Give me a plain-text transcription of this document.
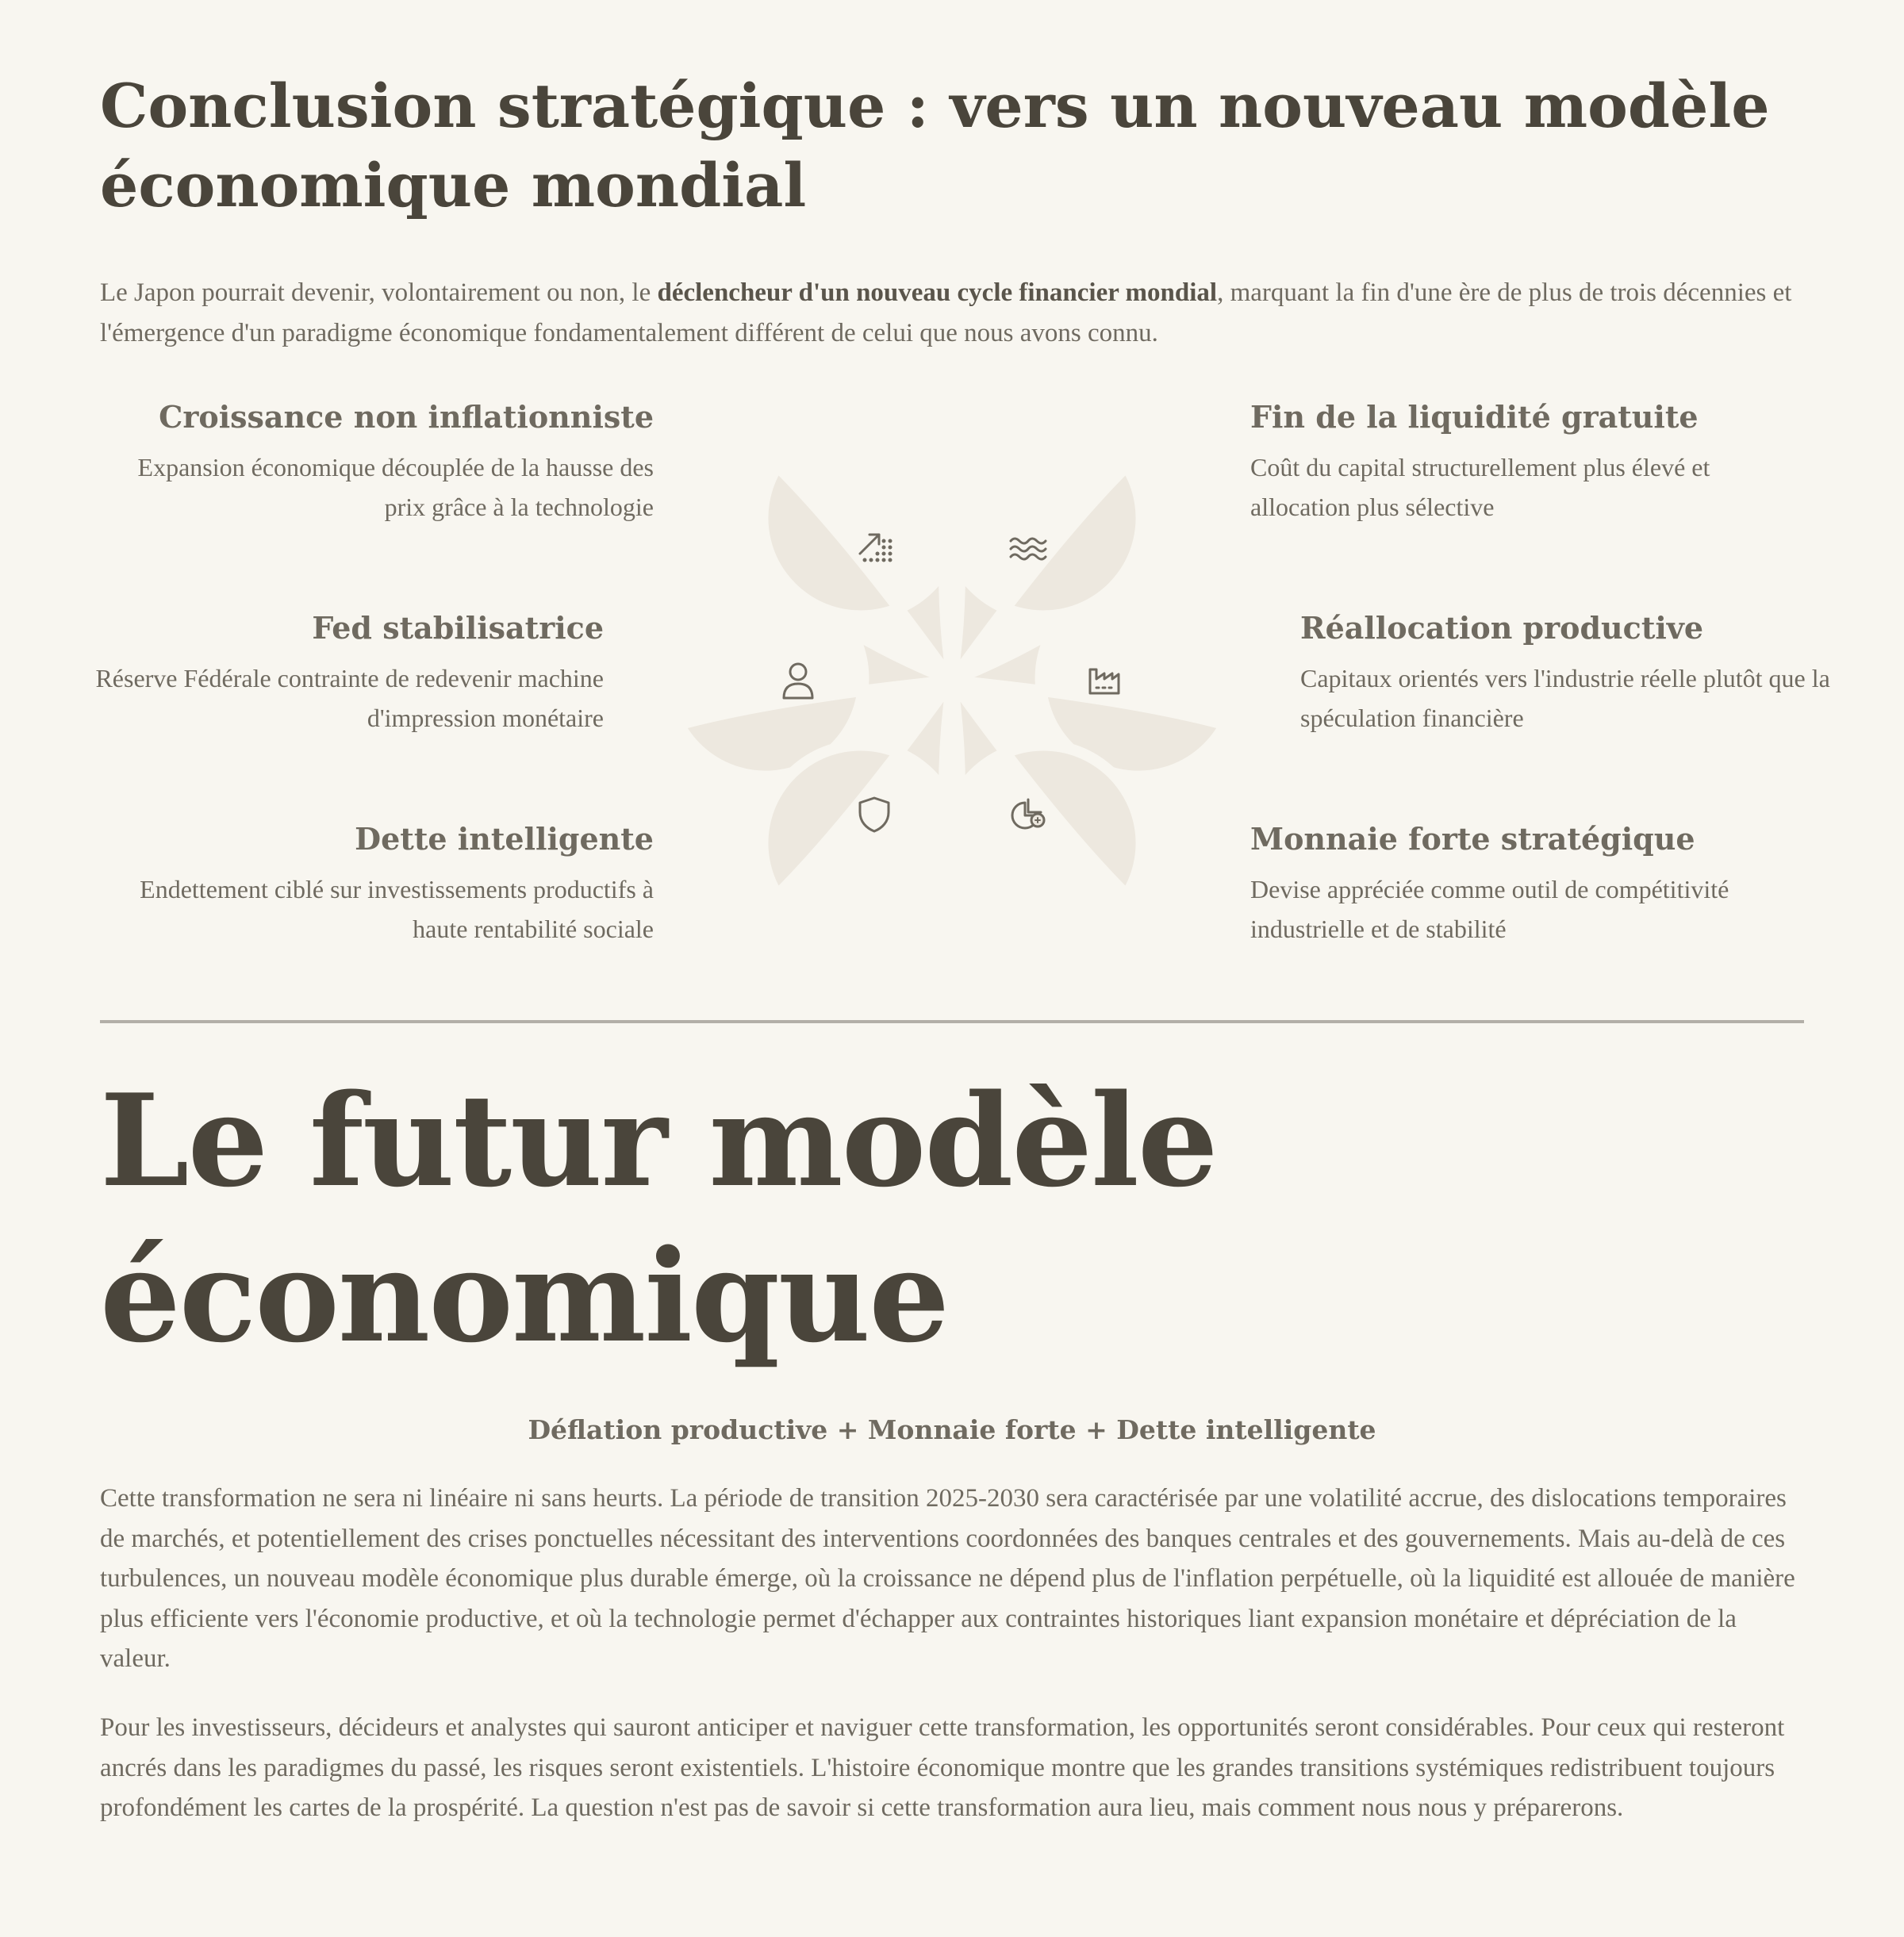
Conclusion stratégique : vers un nouveau modèle économique mondial

Le Japon pourrait devenir, volontairement ou non, le déclencheur d'un nouveau cycle financier mondial, marquant la fin d'une ère de plus de trois décennies et l'émergence d'un paradigme économique fondamentalement différent de celui que nous avons connu.

Croissance non inflationniste

Expansion économique découplée de la hausse des prix grâce à la technologie

Fin de la liquidité gratuite

Coût du capital structurellement plus élevé et allocation plus sélective

Fed stabilisatrice

Réserve Fédérale contrainte de redevenir machine d'impression monétaire

Réallocation productive

Capitaux orientés vers l'industrie réelle plutôt que la spéculation financière

Dette intelligente

Endettement ciblé sur investissements productifs à haute rentabilité sociale

Monnaie forte stratégique

Devise appréciée comme outil de compétitivité industrielle et de stabilité

Le futur modèle économique
Déflation productive + Monnaie forte + Dette intelligente

Cette transformation ne sera ni linéaire ni sans heurts. La période de transition 2025-2030 sera caractérisée par une volatilité accrue, des dislocations temporaires de marchés, et potentiellement des crises ponctuelles nécessitant des interventions coordonnées des banques centrales et des gouvernements. Mais au-delà de ces turbulences, un nouveau modèle économique plus durable émerge, où la croissance ne dépend plus de l'inflation perpétuelle, où la liquidité est allouée de manière plus efficiente vers l'économie productive, et où la technologie permet d'échapper aux contraintes historiques liant expansion monétaire et dépréciation de la valeur.

Pour les investisseurs, décideurs et analystes qui sauront anticiper et naviguer cette transformation, les opportunités seront considérables. Pour ceux qui resteront ancrés dans les paradigmes du passé, les risques seront existentiels. L'histoire économique montre que les grandes transitions systémiques redistribuent toujours profondément les cartes de la prospérité. La question n'est pas de savoir si cette transformation aura lieu, mais comment nous nous y préparerons.
